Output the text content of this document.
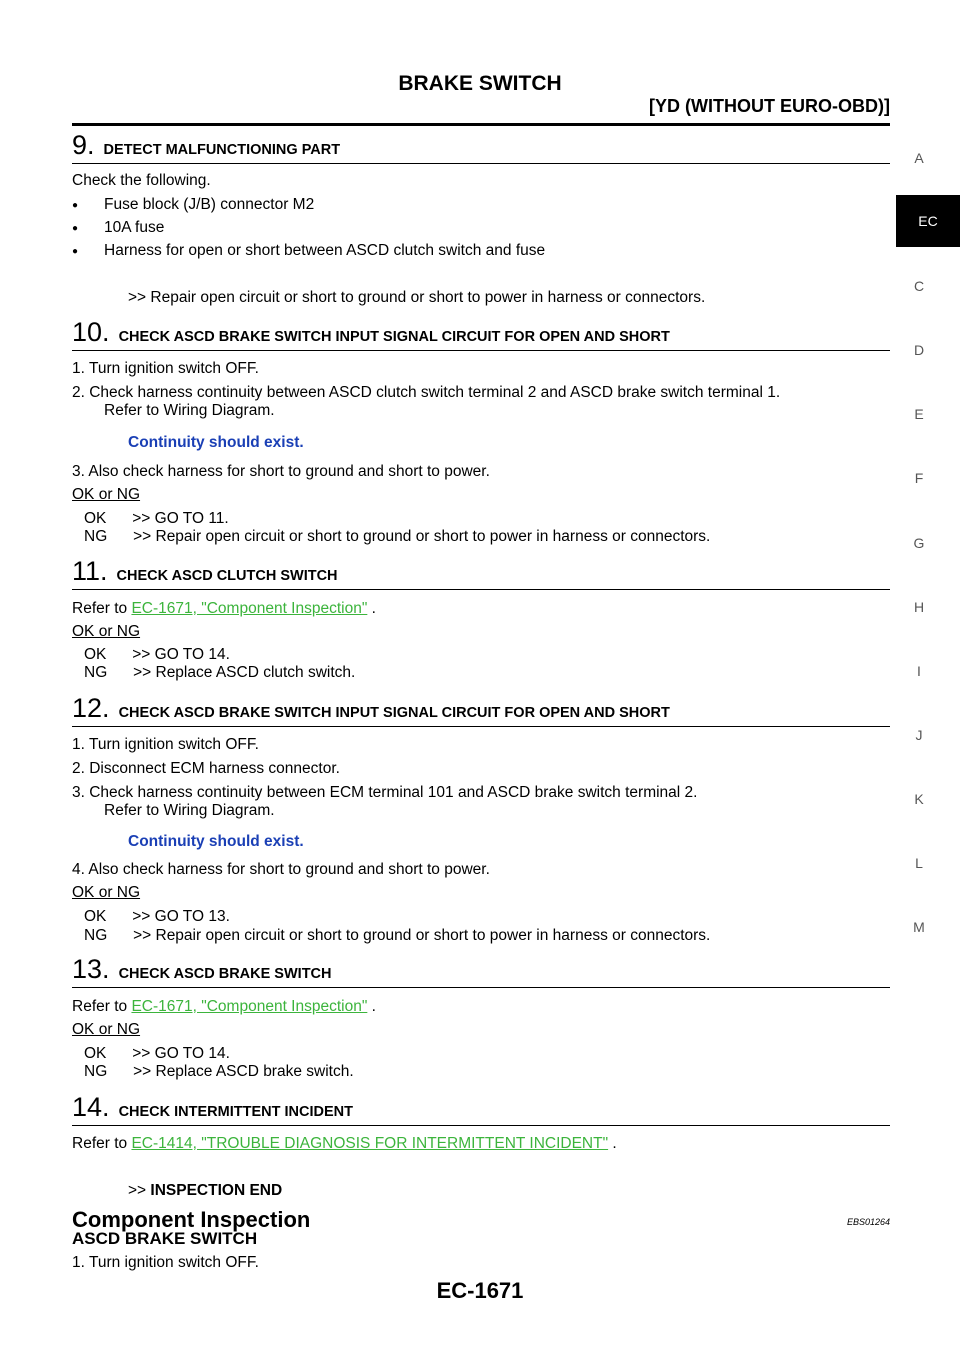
BRAKE SWITCH
[YD (WITHOUT EURO-OBD)]
A
EC
C
D
E
F
G
H
I
J
K
L
M
9 . DETECT MALFUNCTIONING PART
Check the following.
● Fuse block (J/B) connector M2
● 10A fuse
● Harness for open or short between ASCD clutch switch and fuse
>> Repair open circuit or short to ground or short to power in harness or connectors.
10 . CHECK ASCD BRAKE SWITCH INPUT SIGNAL CIRCUIT FOR OPEN AND SHORT
1. Turn ignition switch OFF.
2. Check harness continuity between ASCD clutch switch terminal 2 and ASCD brake switch terminal 1.
Refer to Wiring Diagram.
Continuity should exist.
3. Also check harness for short to ground and short to power.
OK or NG
OK      >> GO TO 11.
NG      >> Repair open circuit or short to ground or short to power in harness or connectors.
11 . CHECK ASCD CLUTCH SWITCH
Refer to EC-1671, "Component Inspection" .
OK or NG
OK      >> GO TO 14.
NG      >> Replace ASCD clutch switch.
12 . CHECK ASCD BRAKE SWITCH INPUT SIGNAL CIRCUIT FOR OPEN AND SHORT
1. Turn ignition switch OFF.
2. Disconnect ECM harness connector.
3. Check harness continuity between ECM terminal 101 and ASCD brake switch terminal 2.
Refer to Wiring Diagram.
Continuity should exist.
4. Also check harness for short to ground and short to power.
OK or NG
OK      >> GO TO 13.
NG      >> Repair open circuit or short to ground or short to power in harness or connectors.
13 . CHECK ASCD BRAKE SWITCH
Refer to EC-1671, "Component Inspection" .
OK or NG
OK      >> GO TO 14.
NG      >> Replace ASCD brake switch.
14 . CHECK INTERMITTENT INCIDENT
Refer to EC-1414, "TROUBLE DIAGNOSIS FOR INTERMITTENT INCIDENT" .
>> INSPECTION END
Component Inspection	EBS01264
ASCD BRAKE SWITCH
1. Turn ignition switch OFF.
EC-1671
